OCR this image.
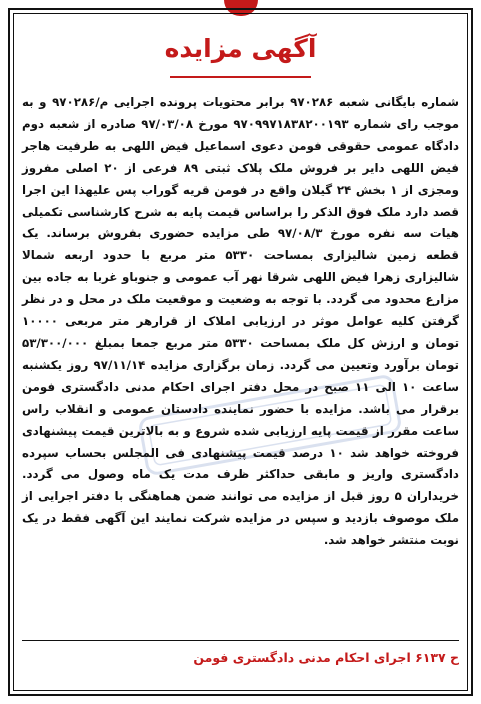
آگهی مزایده

شماره بایگانی شعبه ۹۷۰۲۸۶ برابر محتویات پرونده اجرایی م/۹۷۰۲۸۶ و به موجب رای شماره ۹۷۰۹۹۷۱۸۳۸۲۰۰۱۹۳ مورخ ۹۷/۰۳/۰۸ صادره از شعبه دوم دادگاه عمومی حقوقی فومن دعوی اسماعیل فیض اللهی به طرفیت هاجر فیض اللهی دایر بر فروش ملک پلاک ثبتی ۸۹ فرعی از ۲۰ اصلی مفروز ومجزی از ۱ بخش ۲۴ گیلان واقع در فومن قریه گوراب پس علیهذا این اجرا قصد دارد ملک فوق الذکر را براساس قیمت پایه به شرح کارشناسی تکمیلی هیات سه نفره مورخ ۹۷/۰۸/۳ طی مزایده حضوری بفروش برساند. یک قطعه زمین شالیزاری بمساحت ۵۳۳۰ متر مربع با حدود اربعه شمالا شالیزاری زهرا فیض اللهی شرقا نهر آب عمومی و جنوباو غربا به جاده بین مزارع محدود می گردد. با توجه به وضعیت و موقعیت ملک در محل و در نظر گرفتن کلیه عوامل موثر در ارزیابی املاک از قرارهر متر مربعی ۱۰۰۰۰ تومان و ارزش کل ملک بمساحت ۵۳۳۰ متر مربع جمعا بمبلغ ۵۳/۳۰۰/۰۰۰ تومان برآورد وتعیین می گردد. زمان برگزاری مزایده ۹۷/۱۱/۱۴ روز یکشنبه ساعت ۱۰ الی ۱۱ صبح در محل دفتر اجرای احکام مدنی دادگستری فومن برقرار می باشد. مزایده با حضور نماینده دادستان عمومی و انقلاب راس ساعت مقرر از قیمت پایه ارزیابی شده شروع و به بالاترین قیمت پیشنهادی فروخته خواهد شد ۱۰ درصد قیمت پیشنهادی فی المجلس بحساب سپرده دادگستری واریز و مابقی حداکثر ظرف مدت یک ماه وصول می گردد. خریداران ۵ روز قبل از مزایده می توانند ضمن هماهنگی با دفتر اجرایی از ملک موصوف بازدید و سپس در مزایده شرکت نمایند این آگهی فقط در یک نوبت منتشر خواهد شد.

ح ۶۱۳۷ اجرای احکام مدنی دادگستری فومن
